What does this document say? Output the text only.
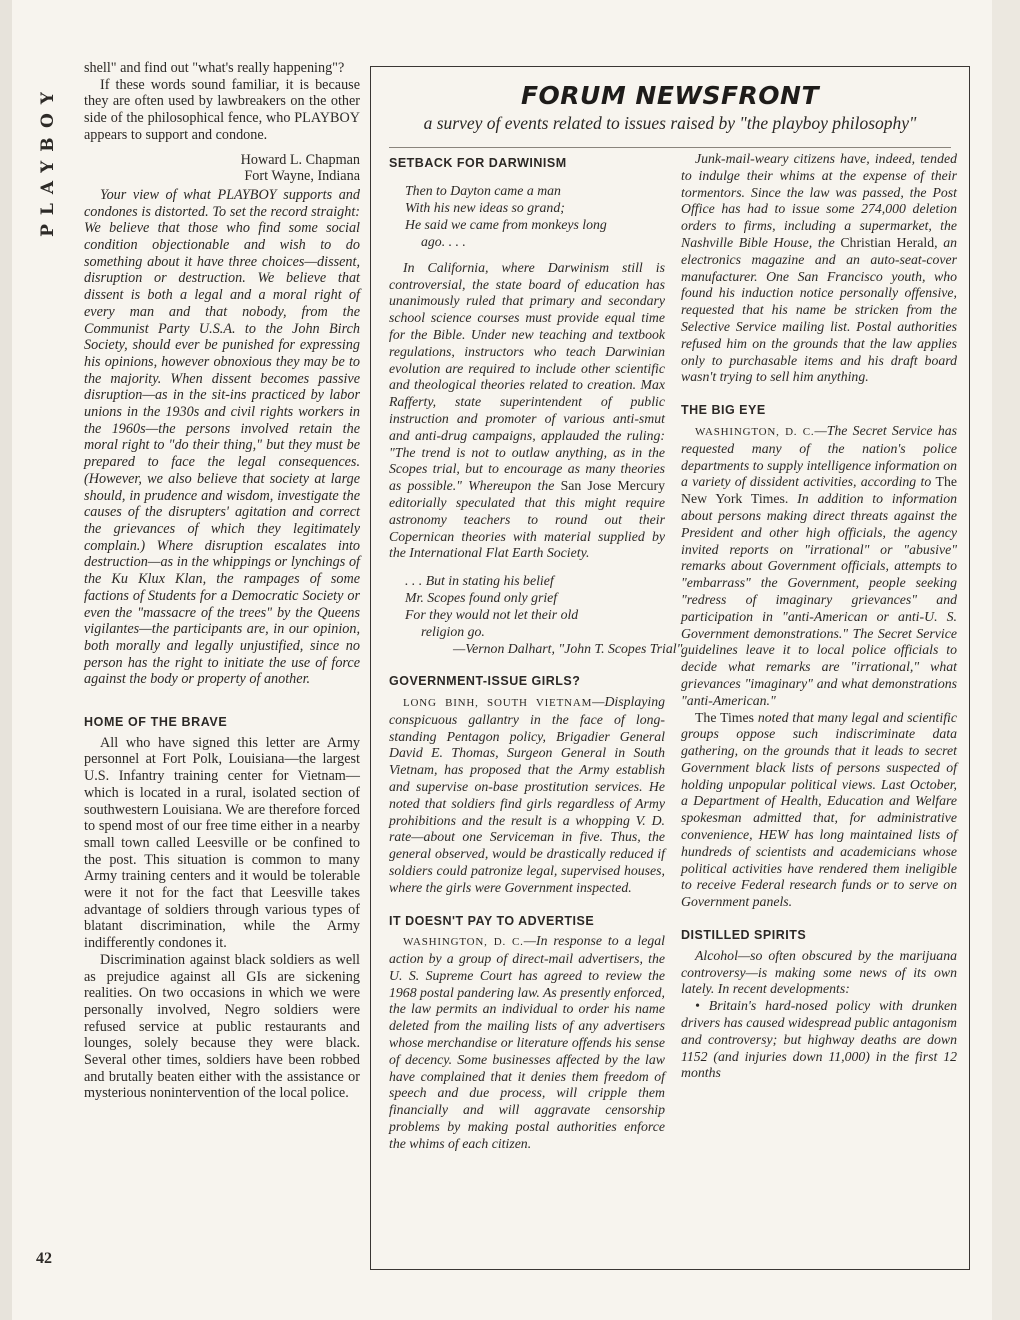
PLAYBOY

shell" and find out "what's really happening"?

If these words sound familiar, it is because they are often used by lawbreakers on the other side of the philosophical fence, who PLAYBOY appears to support and condone.

Howard L. Chapman
Fort Wayne, Indiana

Your view of what PLAYBOY supports and condones is distorted. To set the record straight: We believe that those who find some social condition objectionable and wish to do something about it have three choices—dissent, disruption or destruction. We believe that dissent is both a legal and a moral right of every man and that nobody, from the Communist Party U.S.A. to the John Birch Society, should ever be punished for expressing his opinions, however obnoxious they may be to the majority. When dissent becomes passive disruption—as in the sit-ins practiced by labor unions in the 1930s and civil rights workers in the 1960s—the persons involved retain the moral right to "do their thing," but they must be prepared to face the legal consequences. (However, we also believe that society at large should, in prudence and wisdom, investigate the causes of the disrupters' agitation and correct the grievances of which they legitimately complain.) Where disruption escalates into destruction—as in the whippings or lynchings of the Ku Klux Klan, the rampages of some factions of Students for a Democratic Society or even the "massacre of the trees" by the Queens vigilantes—the participants are, in our opinion, both morally and legally unjustified, since no person has the right to initiate the use of force against the body or property of another.

HOME OF THE BRAVE

All who have signed this letter are Army personnel at Fort Polk, Louisiana—the largest U.S. Infantry training center for Vietnam—which is located in a rural, isolated section of southwestern Louisiana. We are therefore forced to spend most of our free time either in a nearby small town called Leesville or be confined to the post. This situation is common to many Army training centers and it would be tolerable were it not for the fact that Leesville takes advantage of soldiers through various types of blatant discrimination, while the Army indifferently condones it.

Discrimination against black soldiers as well as prejudice against all GIs are sickening realities. On two occasions in which we were personally involved, Negro soldiers were refused service at public restaurants and lounges, solely because they were black. Several other times, soldiers have been robbed and brutally beaten either with the assistance or mysterious nonintervention of the local police.

42
FORUM NEWSFRONT
a survey of events related to issues raised by "the playboy philosophy"
SETBACK FOR DARWINISM
Then to Dayton came a man
With his new ideas so grand;
He said we came from monkeys long
ago. . . .

In California, where Darwinism still is controversial, the state board of education has unanimously ruled that primary and secondary school science courses must provide equal time for the Bible. Under new teaching and textbook regulations, instructors who teach Darwinian evolution are required to include other scientific and theological theories related to creation. Max Rafferty, state superintendent of public instruction and promoter of various anti-smut and anti-drug campaigns, applauded the ruling: "The trend is not to outlaw anything, as in the Scopes trial, but to encourage as many theories as possible." Whereupon the San Jose Mercury editorially speculated that this might require astronomy teachers to round out their Copernican theories with material supplied by the International Flat Earth Society.

. . . But in stating his belief
Mr. Scopes found only grief
For they would not let their old
religion go.
—Vernon Dalhart, "John T. Scopes Trial"
GOVERNMENT-ISSUE GIRLS?

LONG BINH, SOUTH VIETNAM—Displaying conspicuous gallantry in the face of long-standing Pentagon policy, Brigadier General David E. Thomas, Surgeon General in South Vietnam, has proposed that the Army establish and supervise on-base prostitution services. He noted that soldiers find girls regardless of Army prohibitions and the result is a whopping V. D. rate—about one Serviceman in five. Thus, the general observed, would be drastically reduced if soldiers could patronize legal, supervised houses, where the girls were Government inspected.

IT DOESN'T PAY TO ADVERTISE

WASHINGTON, D. C.—In response to a legal action by a group of direct-mail advertisers, the U. S. Supreme Court has agreed to review the 1968 postal pandering law. As presently enforced, the law permits an individual to order his name deleted from the mailing lists of any advertisers whose merchandise or literature offends his sense of decency. Some businesses affected by the law have complained that it denies them freedom of speech and due process, will cripple them financially and will aggravate censorship problems by making postal authorities enforce the whims of each citizen.

Junk-mail-weary citizens have, indeed, tended to indulge their whims at the expense of their tormentors. Since the law was passed, the Post Office has had to issue some 274,000 deletion orders to firms, including a supermarket, the Nashville Bible House, the Christian Herald, an electronics magazine and an auto-seat-cover manufacturer. One San Francisco youth, who found his induction notice personally offensive, requested that his name be stricken from the Selective Service mailing list. Postal authorities refused him on the grounds that the law applies only to purchasable items and his draft board wasn't trying to sell him anything.

THE BIG EYE

WASHINGTON, D. C.—The Secret Service has requested many of the nation's police departments to supply intelligence information on a variety of dissident activities, according to The New York Times. In addition to information about persons making direct threats against the President and other high officials, the agency invited reports on "irrational" or "abusive" remarks about Government officials, attempts to "embarrass" the Government, people seeking "redress of imaginary grievances" and participation in "anti-American or anti-U. S. Government demonstrations." The Secret Service guidelines leave it to local police officials to decide what remarks are "irrational," what grievances "imaginary" and what demonstrations "anti-American."

The Times noted that many legal and scientific groups oppose such indiscriminate data gathering, on the grounds that it leads to secret Government black lists of persons suspected of holding unpopular political views. Last October, a Department of Health, Education and Welfare spokesman admitted that, for administrative convenience, HEW has long maintained lists of hundreds of scientists and academicians whose political activities have rendered them ineligible to receive Federal research funds or to serve on Government panels.

DISTILLED SPIRITS

Alcohol—so often obscured by the marijuana controversy—is making some news of its own lately. In recent developments:

• Britain's hard-nosed policy with drunken drivers has caused widespread public antagonism and controversy; but highway deaths are down 1152 (and injuries down 11,000) in the first 12 months
